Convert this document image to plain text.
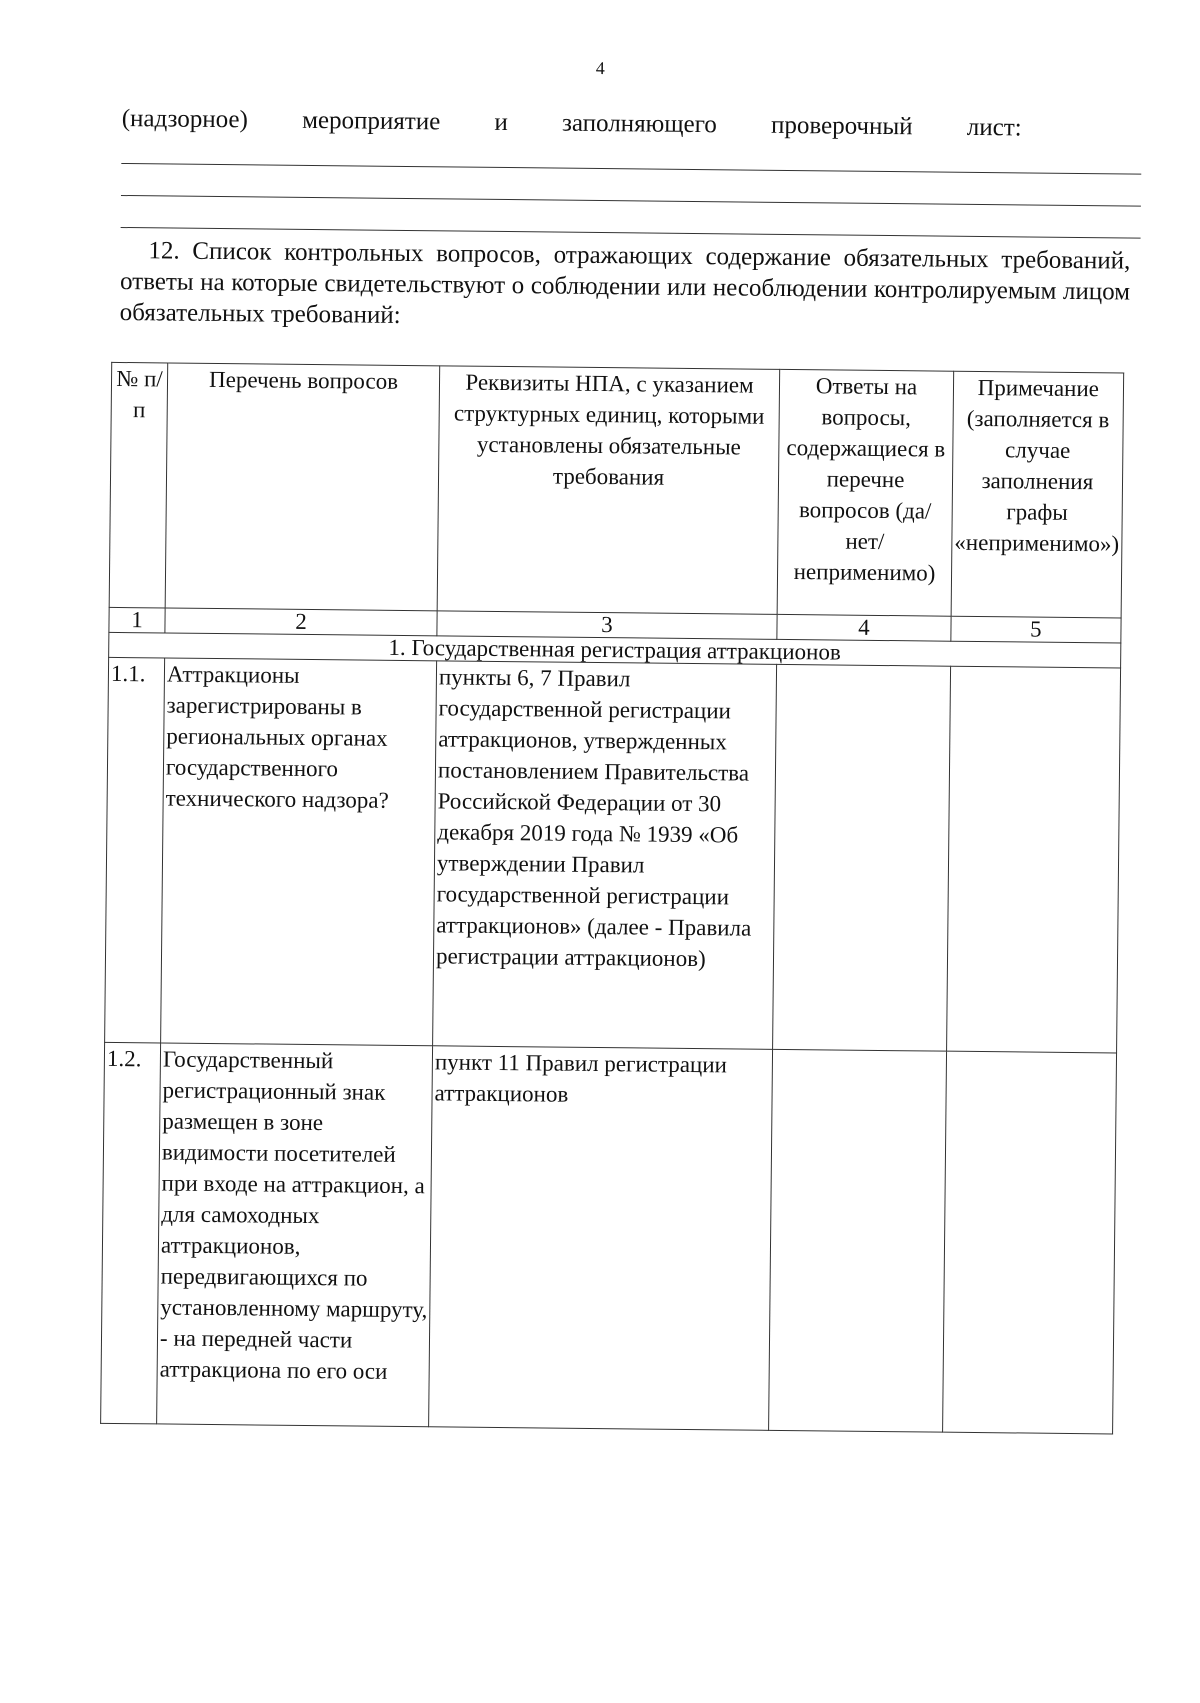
4
(надзорное) мероприятие и заполняющего проверочный лист:
12. Список контрольных вопросов, отражающих содержание обязательных требований, ответы на которые свидетельствуют о соблюдении или несоблюдении контролируемым лицом обязательных требований:
№ п/п	Перечень вопросов	Реквизиты НПА, с указанием структурных единиц, которыми установлены обязательные требования	Ответы на вопросы, содержащиеся в перечне вопросов (да/нет/неприменимо)	Примечание (заполняется в случае заполнения графы «неприменимо»)
1	2	3	4	5
1. Государственная регистрация аттракционов				
1.1.	Аттракционы зарегистрированы в региональных органах государственного технического надзора?	пункты 6, 7 Правил государственной регистрации аттракционов, утвержденных постановлением Правительства Российской Федерации от 30 декабря 2019 года № 1939 «Об утверждении Правил государственной регистрации аттракционов» (далее - Правила регистрации аттракционов)		
1.2.	Государственный регистрационный знак размещен в зоне видимости посетителей при входе на аттракцион, а для самоходных аттракционов, передвигающихся по установленному маршруту, - на передней части аттракциона по его оси	пункт 11 Правил регистрации аттракционов		
